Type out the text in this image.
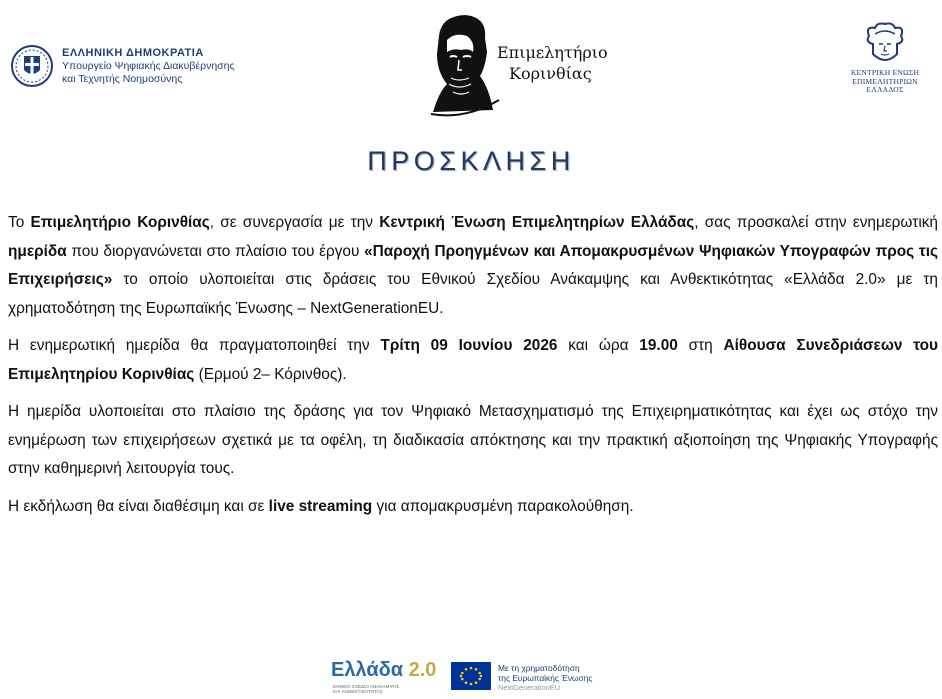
ΕΛΛΗΝΙΚΗ ΔΗΜΟΚΡΑΤΙΑ
Υπουργείο Ψηφιακής Διακυβέρνησης
και Τεχνητής Νοημοσύνης
Επιμελητήριο
Κορινθίας	ΚΕΝΤΡΙΚΗ ΕΝΩΣΗ
ΕΠΙΜΕΛΗΤΗΡΙΩΝ
ΕΛΛΑΔΟΣ
ΠΡΟΣΚΛΗΣΗ

Το Επιμελητήριο Κορινθίας, σε συνεργασία με την Κεντρική Ένωση Επιμελητηρίων Ελλάδας, σας προσκαλεί στην ενημερωτική ημερίδα που διοργανώνεται στο πλαίσιο του έργου «Παροχή Προηγμένων και Απομακρυσμένων Ψηφιακών Υπογραφών προς τις Επιχειρήσεις» το οποίο υλοποιείται στις δράσεις του Εθνικού Σχεδίου Ανάκαμψης και Ανθεκτικότητας «Ελλάδα 2.0» με τη χρηματοδότηση της Ευρωπαϊκής Ένωσης – NextGenerationEU.

Η ενημερωτική ημερίδα θα πραγματοποιηθεί την Τρίτη 09 Ιουνίου 2026 και ώρα 19.00 στη Αίθουσα Συνεδριάσεων του Επιμελητηρίου Κορινθίας (Ερμού 2– Κόρινθος).

Η ημερίδα υλοποιείται στο πλαίσιο της δράσης για τον Ψηφιακό Μετασχηματισμό της Επιχειρηματικότητας και έχει ως στόχο την ενημέρωση των επιχειρήσεων σχετικά με τα οφέλη, τη διαδικασία απόκτησης και την πρακτική αξιοποίηση της Ψηφιακής Υπογραφής στην καθημερινή λειτουργία τους.

Η εκδήλωση θα είναι διαθέσιμη και σε live streaming για απομακρυσμένη παρακολούθηση.

Ελλάδα 2.0
ΕΘΝΙΚΟ ΣΧΕΔΙΟ ΑΝΑΚΑΜΨΗΣ
ΚΑΙ ΑΝΘΕΚΤΙΚΟΤΗΤΑΣ
Με τη χρηματοδότηση
της Ευρωπαϊκής Ένωσης
NextGenerationEU
